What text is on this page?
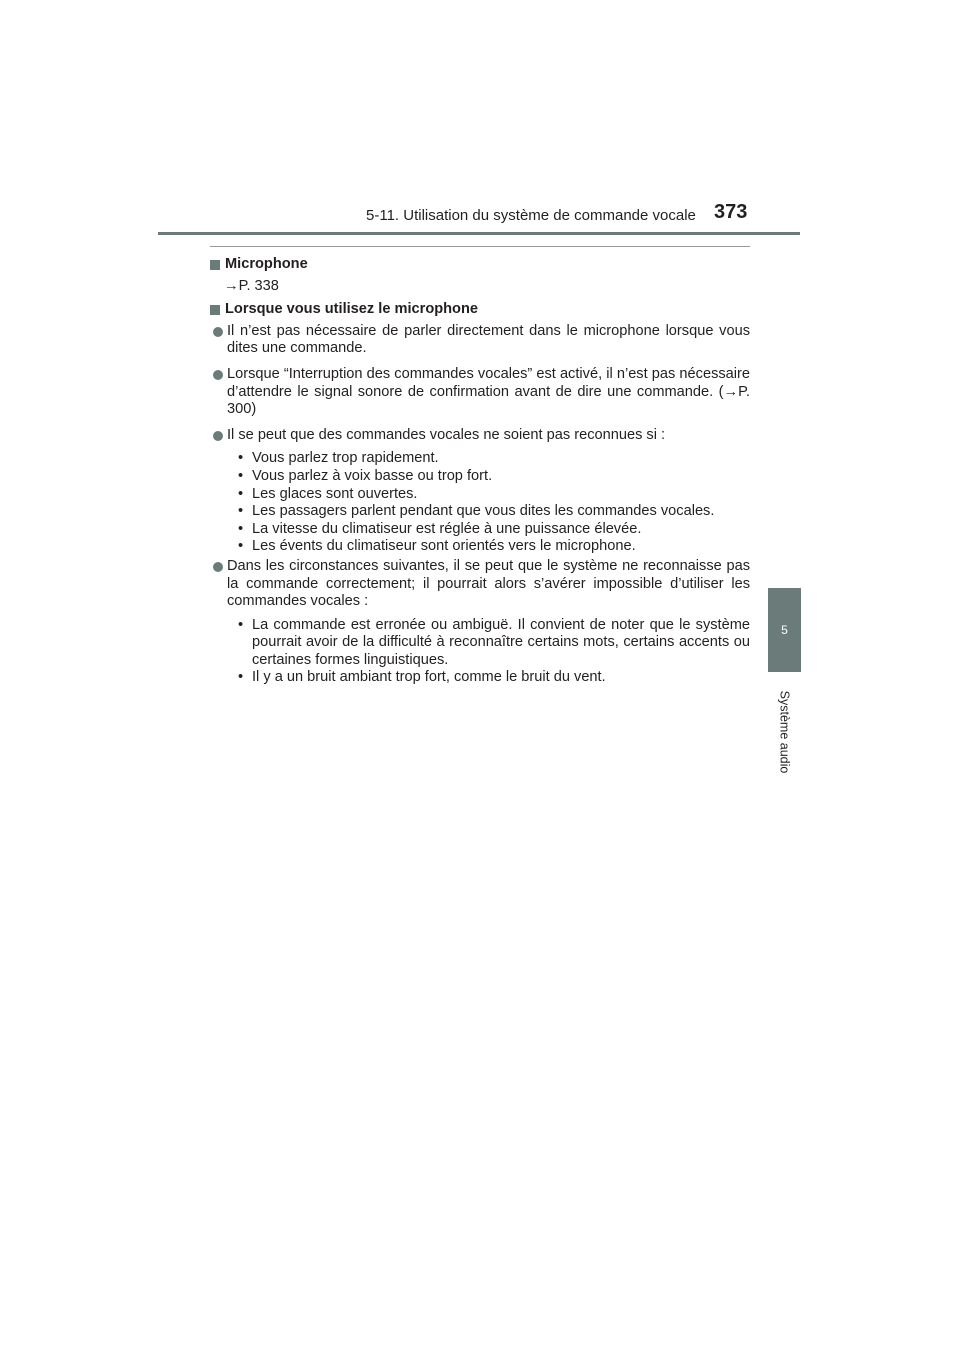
5-11. Utilisation du système de commande vocale 373
5
Système audio
Microphone
→P. 338
Lorsque vous utilisez le microphone
Il n’est pas nécessaire de parler directement dans le microphone lorsque vous dites une commande.
Lorsque “Interruption des commandes vocales” est activé, il n’est pas nécessaire d’attendre le signal sonore de confirmation avant de dire une commande. (→P. 300)
Il se peut que des commandes vocales ne soient pas reconnues si :
• Vous parlez trop rapidement.
• Vous parlez à voix basse ou trop fort.
• Les glaces sont ouvertes.
• Les passagers parlent pendant que vous dites les commandes vocales.
• La vitesse du climatiseur est réglée à une puissance élevée.
• Les évents du climatiseur sont orientés vers le microphone.
Dans les circonstances suivantes, il se peut que le système ne reconnaisse pas la commande correctement; il pourrait alors s’avérer impossible d’utiliser les commandes vocales :
• La commande est erronée ou ambiguë. Il convient de noter que le système pourrait avoir de la difficulté à reconnaître certains mots, certains accents ou certaines formes linguistiques.
• Il y a un bruit ambiant trop fort, comme le bruit du vent.
